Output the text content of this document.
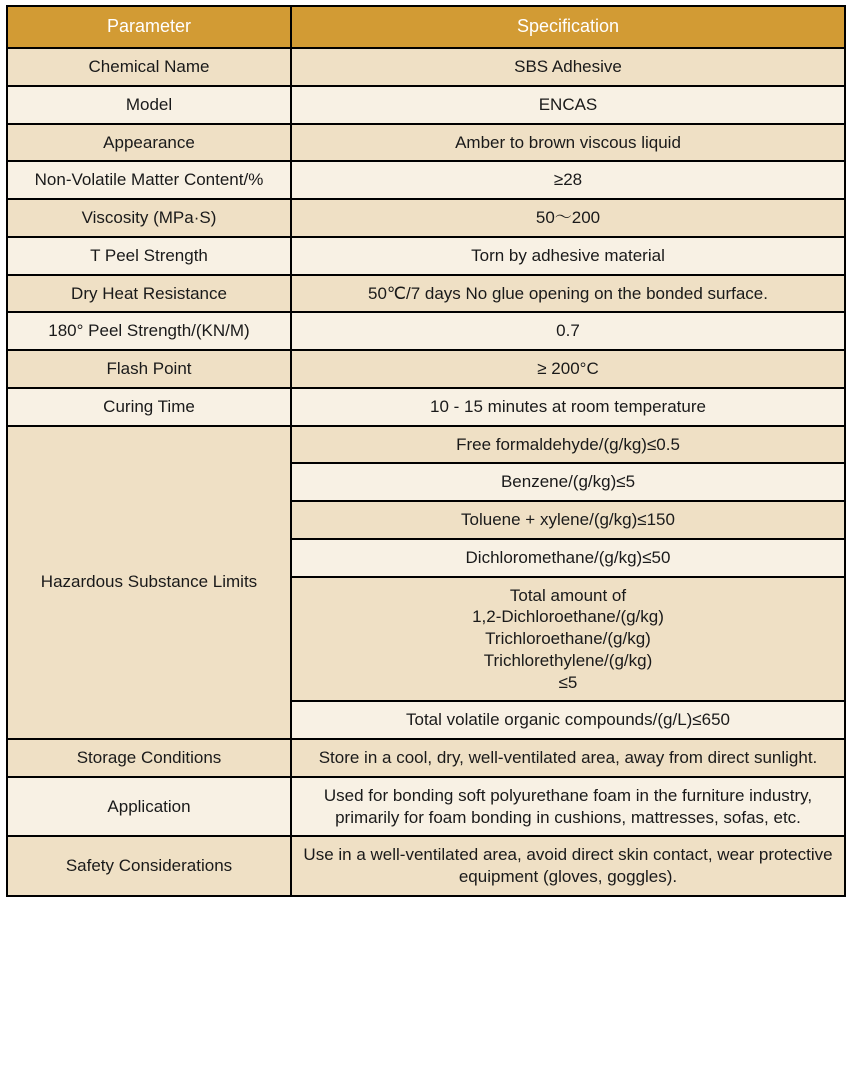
Parameter	Specification
Chemical Name	SBS Adhesive
Model	ENCAS
Appearance	Amber to brown viscous liquid
Non-Volatile Matter Content/%	≥28
Viscosity (MPa·S)	50〜200
T Peel Strength	Torn by adhesive material
Dry Heat Resistance	50℃/7 days No glue opening on the bonded surface.
180° Peel Strength/(KN/M)	0.7
Flash Point	≥ 200°C
Curing Time	10 - 15 minutes at room temperature
Hazardous Substance Limits	Free formaldehyde/(g/kg)≤0.5
	Benzene/(g/kg)≤5
	Toluene + xylene/(g/kg)≤150
	Dichloromethane/(g/kg)≤50

	Total amount of
1,2-Dichloroethane/(g/kg)
Trichloroethane/(g/kg)
Trichlorethylene/(g/kg)
≤5

	Total volatile organic compounds/(g/L)≤650
Storage Conditions	Store in a cool, dry, well-ventilated area, away from direct sunlight.
Application	Used for bonding soft polyurethane foam in the furniture industry, primarily for foam bonding in cushions, mattresses, sofas, etc.
Safety Considerations	Use in a well-ventilated area, avoid direct skin contact, wear protective equipment (gloves, goggles).
